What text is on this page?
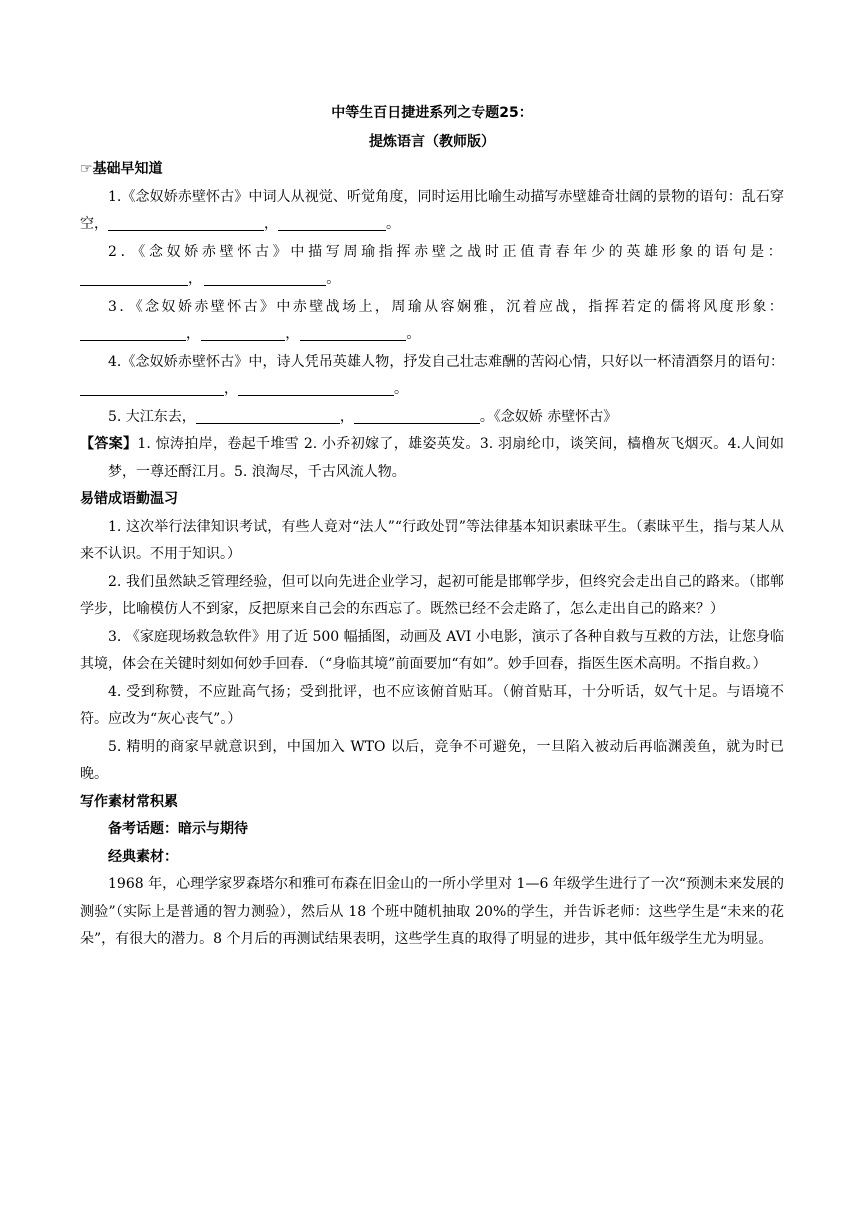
中等生百日捷进系列之专题25：

提炼语言（教师版）

☞基础早知道

1.《念奴娇赤壁怀古》中词人从视觉、听觉角度，同时运用比喻生动描写赤壁雄奇壮阔的景物的语句：乱石穿空，	，	。

2．《念奴娇赤壁怀古》中描写周瑜指挥赤壁之战时正值青春年少的英雄形象的语句是：，	。

3．《念奴娇赤壁怀古》中赤壁战场上，周瑜从容娴雅，沉着应战，指挥若定的儒将风度形象：，	，	。

4.《念奴娇赤壁怀古》中，诗人凭吊英雄人物，抒发自己壮志难酬的苦闷心情，只好以一杯清酒祭月的语句：，	。

5. 大江东去，	，	。《念奴娇 赤壁怀古》

【答案】1. 惊涛拍岸，卷起千堆雪 2. 小乔初嫁了，雄姿英发。3. 羽扇纶巾，谈笑间，樯橹灰飞烟灭。4.人间如梦，一尊还酹江月。5. 浪淘尽，千古风流人物。

易错成语勤温习

1. 这次举行法律知识考试，有些人竟对“法人”“行政处罚”等法律基本知识素昧平生。（素昧平生，指与某人从来不认识。不用于知识。）

2. 我们虽然缺乏管理经验，但可以向先进企业学习，起初可能是邯郸学步，但终究会走出自己的路来。（邯郸学步，比喻模仿人不到家，反把原来自己会的东西忘了。既然已经不会走路了，怎么走出自己的路来？）

3. 《家庭现场救急软件》用了近 500 幅插图，动画及 AVI 小电影，演示了各种自救与互救的方法，让您身临其境，体会在关键时刻如何妙手回春．（“身临其境”前面要加“有如”。妙手回春，指医生医术高明。不指自救。）

4. 受到称赞，不应趾高气扬；受到批评，也不应该俯首贴耳。（俯首贴耳，十分听话，奴气十足。与语境不符。应改为“灰心丧气”。）

5. 精明的商家早就意识到，中国加入 WTO 以后，竞争不可避免，一旦陷入被动后再临渊羡鱼，就为时已晚。

写作素材常积累

备考话题：暗示与期待

经典素材：

1968 年，心理学家罗森塔尔和雅可布森在旧金山的一所小学里对 1—6 年级学生进行了一次“预测未来发展的测验”（实际上是普通的智力测验），然后从 18 个班中随机抽取 20%的学生，并告诉老师：这些学生是“未来的花朵”，有很大的潜力。8 个月后的再测试结果表明，这些学生真的取得了明显的进步，其中低年级学生尤为明显。
